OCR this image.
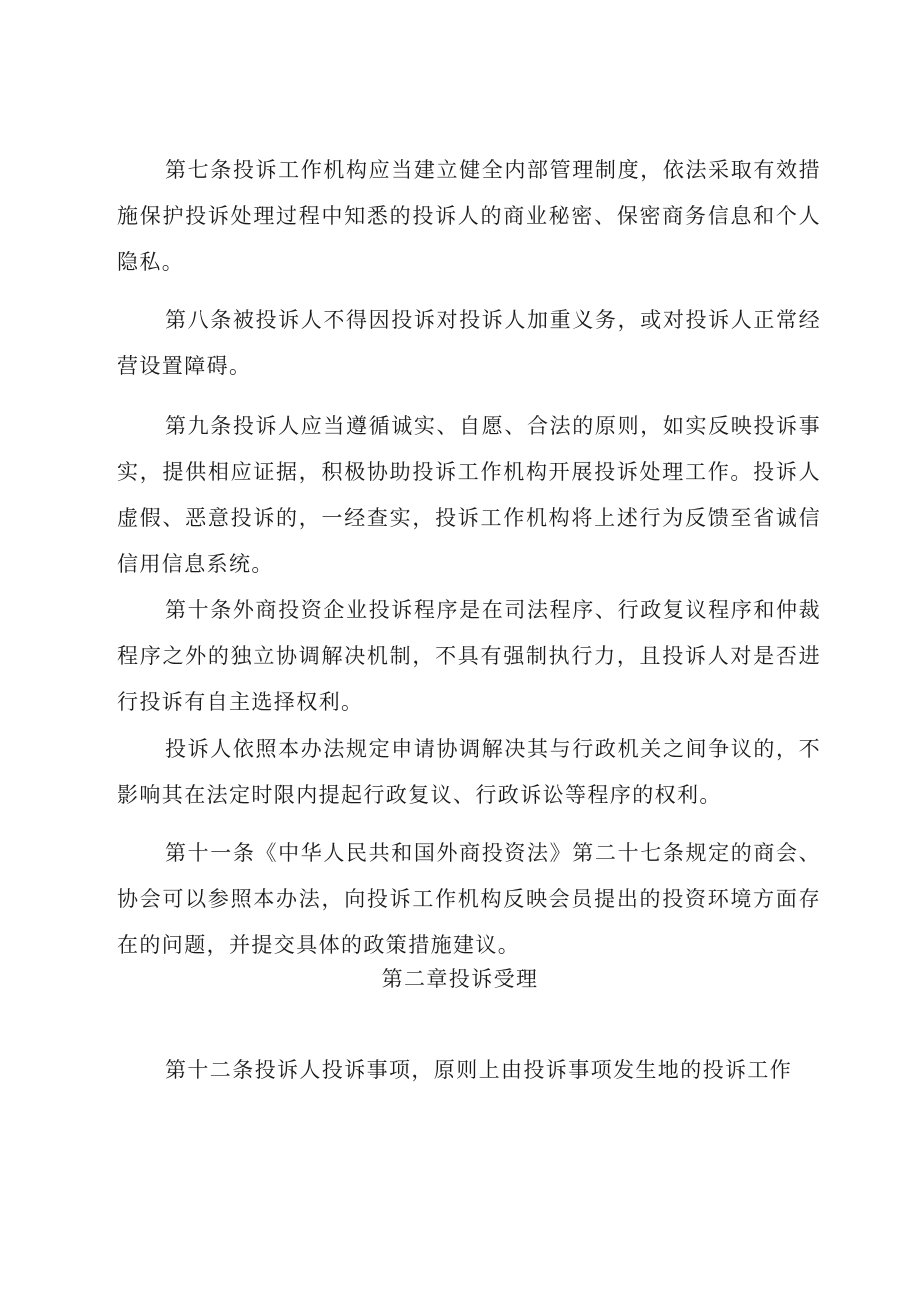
第七条投诉工作机构应当建立健全内部管理制度，依法采取有效措施保护投诉处理过程中知悉的投诉人的商业秘密、保密商务信息和个人隐私。

第八条被投诉人不得因投诉对投诉人加重义务，或对投诉人正常经营设置障碍。

第九条投诉人应当遵循诚实、自愿、合法的原则，如实反映投诉事实，提供相应证据，积极协助投诉工作机构开展投诉处理工作。投诉人虚假、恶意投诉的，一经查实，投诉工作机构将上述行为反馈至省诚信信用信息系统。

第十条外商投资企业投诉程序是在司法程序、行政复议程序和仲裁程序之外的独立协调解决机制，不具有强制执行力，且投诉人对是否进行投诉有自主选择权利。

投诉人依照本办法规定申请协调解决其与行政机关之间争议的，不影响其在法定时限内提起行政复议、行政诉讼等程序的权利。

第十一条《中华人民共和国外商投资法》第二十七条规定的商会、协会可以参照本办法，向投诉工作机构反映会员提出的投资环境方面存在的问题，并提交具体的政策措施建议。

第二章投诉受理

第十二条投诉人投诉事项，原则上由投诉事项发生地的投诉工作
